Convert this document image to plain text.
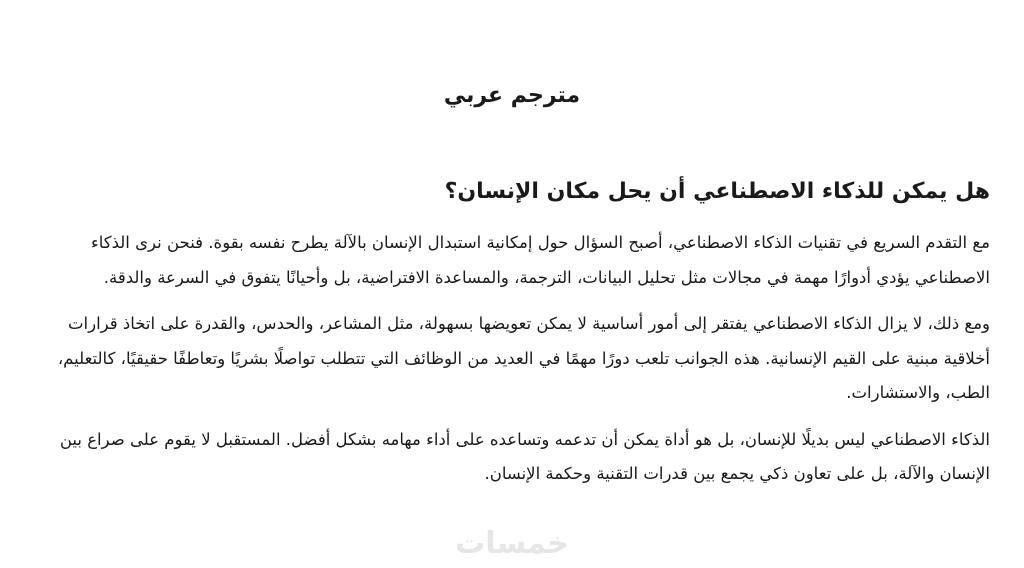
مترجم عربي
هل يمكن للذكاء الاصطناعي أن يحل مكان الإنسان؟

مع التقدم السريع في تقنيات الذكاء الاصطناعي، أصبح السؤال حول إمكانية استبدال الإنسان بالآلة يطرح نفسه بقوة. فنحن نرى الذكاء الاصطناعي يؤدي أدوارًا مهمة في مجالات مثل تحليل البيانات، الترجمة، والمساعدة الافتراضية، بل وأحيانًا يتفوق في السرعة والدقة.

ومع ذلك، لا يزال الذكاء الاصطناعي يفتقر إلى أمور أساسية لا يمكن تعويضها بسهولة، مثل المشاعر، والحدس، والقدرة على اتخاذ قرارات أخلاقية مبنية على القيم الإنسانية. هذه الجوانب تلعب دورًا مهمًا في العديد من الوظائف التي تتطلب تواصلًا بشريًا وتعاطفًا حقيقيًا، كالتعليم، الطب، والاستشارات.

الذكاء الاصطناعي ليس بديلًا للإنسان، بل هو أداة يمكن أن تدعمه وتساعده على أداء مهامه بشكل أفضل. المستقبل لا يقوم على صراع بين الإنسان والآلة، بل على تعاون ذكي يجمع بين قدرات التقنية وحكمة الإنسان.

خمسات
